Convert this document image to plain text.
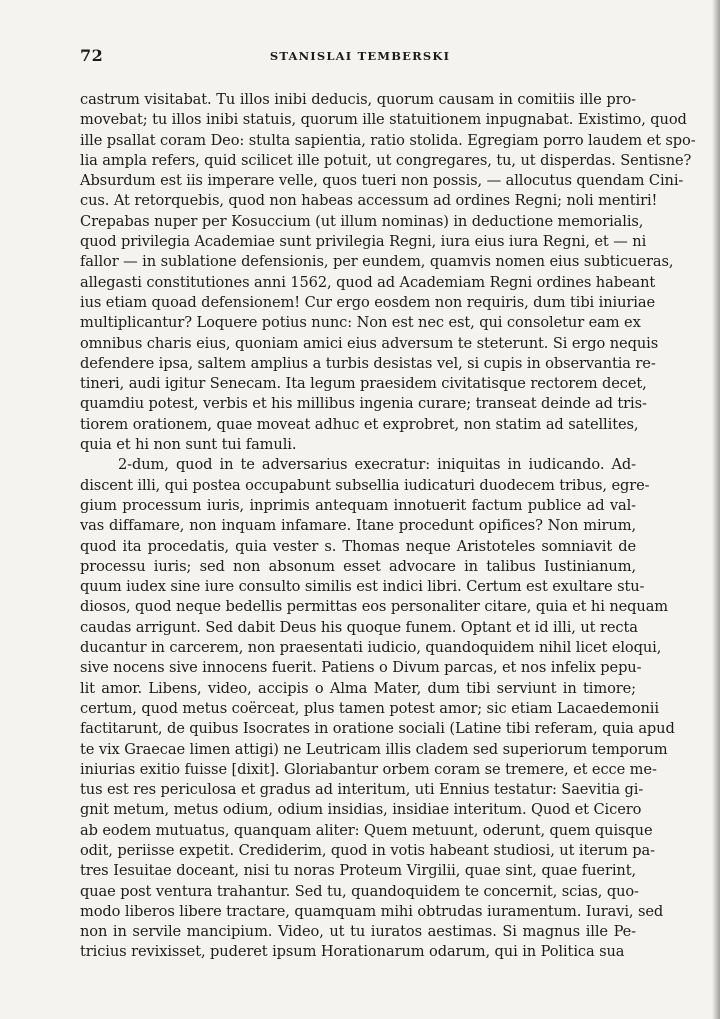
72	STANISLAI TEMBERSKI
castrum visitabat. Tu illos inibi deducis, quorum causam in comitiis ille pro-
movebat; tu illos inibi statuis, quorum ille statuitionem inpugnabat. Existimo, quod
ille psallat coram Deo: stulta sapientia, ratio stolida. Egregiam porro laudem et spo-
lia ampla refers, quid scilicet ille potuit, ut congregares, tu, ut disperdas. Sentisne?
Absurdum est iis imperare velle, quos tueri non possis, — allocutus quendam Cini-
cus. At retorquebis, quod non habeas accessum ad ordines Regni; noli mentiri!
Crepabas nuper per Kosuccium (ut illum nominas) in deductione memorialis,
quod privilegia Academiae sunt privilegia Regni, iura eius iura Regni, et — ni
fallor — in sublatione defensionis, per eundem, quamvis nomen eius subticueras,
allegasti constitutiones anni 1562, quod ad Academiam Regni ordines habeant
ius etiam quoad defensionem! Cur ergo eosdem non requiris, dum tibi iniuriae
multiplicantur? Loquere potius nunc: Non est nec est, qui consoletur eam ex
omnibus charis eius, quoniam amici eius adversum te steterunt. Si ergo nequis
defendere ipsa, saltem amplius a turbis desistas vel, si cupis in observantia re-
tineri, audi igitur Senecam. Ita legum praesidem civitatisque rectorem decet,
quamdiu potest, verbis et his millibus ingenia curare; transeat deinde ad tris-
tiorem orationem, quae moveat adhuc et exprobret, non statim ad satellites,
quia et hi non sunt tui famuli.
2-dum, quod in te adversarius execratur: iniquitas in iudicando. Ad-
discent illi, qui postea occupabunt subsellia iudicaturi duodecem tribus, egre-
gium processum iuris, inprimis antequam innotuerit factum publice ad val-
vas diffamare, non inquam infamare. Itane procedunt opifices? Non mirum,
quod ita procedatis, quia vester s. Thomas neque Aristoteles somniavit de
processu iuris; sed non absonum esset advocare in talibus Iustinianum,
quum iudex sine iure consulto similis est indici libri. Certum est exultare stu-
diosos, quod neque bedellis permittas eos personaliter citare, quia et hi nequam
caudas arrigunt. Sed dabit Deus his quoque funem. Optant et id illi, ut recta
ducantur in carcerem, non praesentati iudicio, quandoquidem nihil licet eloqui,
sive nocens sive innocens fuerit. Patiens o Divum parcas, et nos infelix pepu-
lit amor. Libens, video, accipis o Alma Mater, dum tibi serviunt in timore;
certum, quod metus coërceat, plus tamen potest amor; sic etiam Lacaedemonii
factitarunt, de quibus Isocrates in oratione sociali (Latine tibi referam, quia apud
te vix Graecae limen attigi) ne Leutricam illis cladem sed superiorum temporum
iniurias exitio fuisse [dixit]. Gloriabantur orbem coram se tremere, et ecce me-
tus est res periculosa et gradus ad interitum, uti Ennius testatur: Saevitia gi-
gnit metum, metus odium, odium insidias, insidiae interitum. Quod et Cicero
ab eodem mutuatus, quanquam aliter: Quem metuunt, oderunt, quem quisque
odit, periisse expetit. Crediderim, quod in votis habeant studiosi, ut iterum pa-
tres Iesuitae doceant, nisi tu noras Proteum Virgilii, quae sint, quae fuerint,
quae post ventura trahantur. Sed tu, quandoquidem te concernit, scias, quo-
modo liberos libere tractare, quamquam mihi obtrudas iuramentum. Iuravi, sed
non in servile mancipium. Video, ut tu iuratos aestimas. Si magnus ille Pe-
tricius revixisset, puderet ipsum Horationarum odarum, qui in Politica sua
